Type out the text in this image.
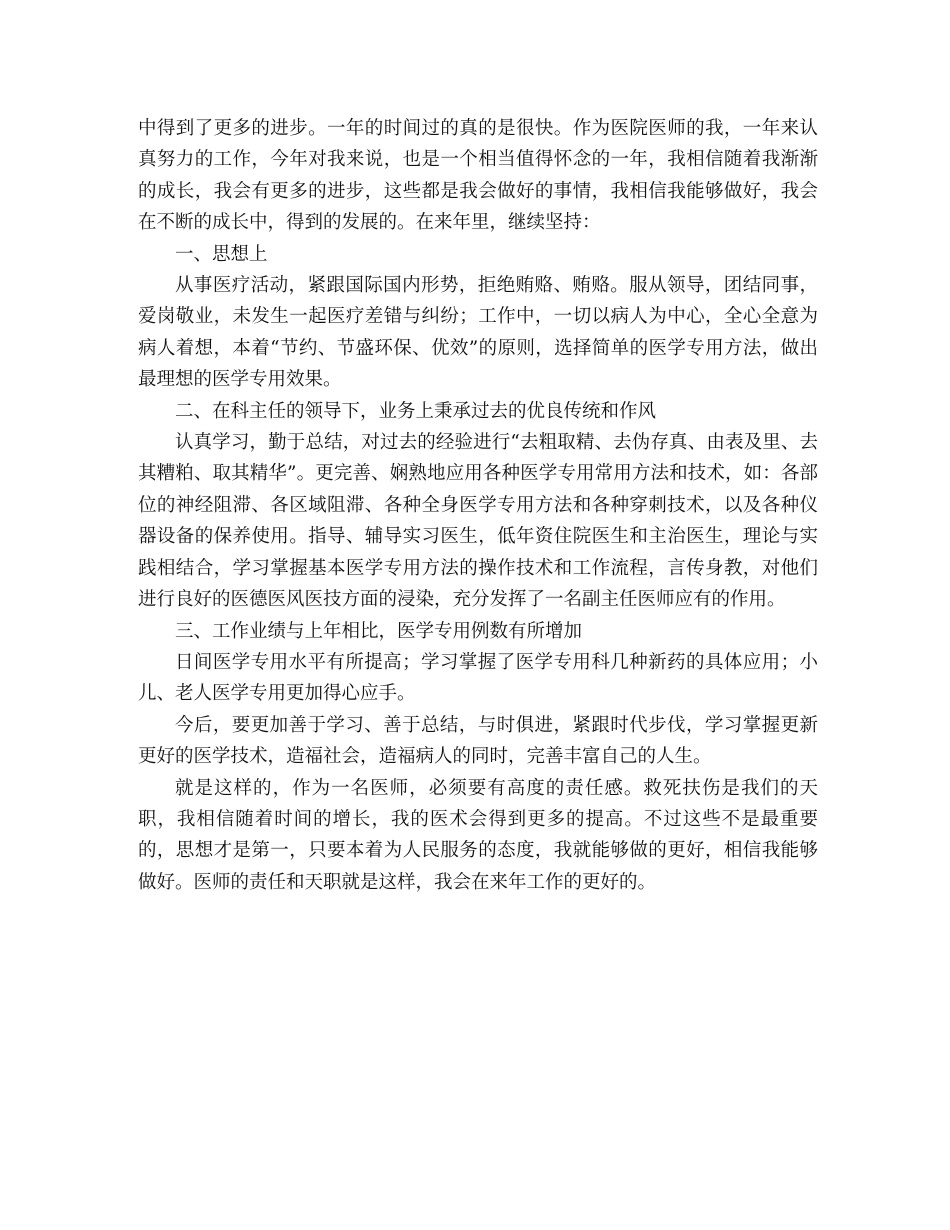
中得到了更多的进步。一年的时间过的真的是很快。作为医院医师的我，一年来认真努力的工作，今年对我来说，也是一个相当值得怀念的一年，我相信随着我渐渐的成长，我会有更多的进步，这些都是我会做好的事情，我相信我能够做好，我会在不断的成长中，得到的发展的。在来年里，继续坚持：

一、思想上

从事医疗活动，紧跟国际国内形势，拒绝贿赂、贿赂。服从领导，团结同事，爱岗敬业，未发生一起医疗差错与纠纷；工作中，一切以病人为中心，全心全意为病人着想，本着“节约、节盛环保、优效”的原则，选择简单的医学专用方法，做出最理想的医学专用效果。

二、在科主任的领导下，业务上秉承过去的优良传统和作风

认真学习，勤于总结，对过去的经验进行“去粗取精、去伪存真、由表及里、去其糟粕、取其精华”。更完善、娴熟地应用各种医学专用常用方法和技术，如：各部位的神经阻滞、各区域阻滞、各种全身医学专用方法和各种穿刺技术，以及各种仪器设备的保养使用。指导、辅导实习医生，低年资住院医生和主治医生，理论与实践相结合，学习掌握基本医学专用方法的操作技术和工作流程，言传身教，对他们进行良好的医德医风医技方面的浸染，充分发挥了一名副主任医师应有的作用。

三、工作业绩与上年相比，医学专用例数有所增加

日间医学专用水平有所提高；学习掌握了医学专用科几种新药的具体应用；小儿、老人医学专用更加得心应手。

今后，要更加善于学习、善于总结，与时俱进，紧跟时代步伐，学习掌握更新更好的医学技术，造福社会，造福病人的同时，完善丰富自己的人生。

就是这样的，作为一名医师，必须要有高度的责任感。救死扶伤是我们的天职，我相信随着时间的增长，我的医术会得到更多的提高。不过这些不是最重要的，思想才是第一，只要本着为人民服务的态度，我就能够做的更好，相信我能够做好。医师的责任和天职就是这样，我会在来年工作的更好的。
